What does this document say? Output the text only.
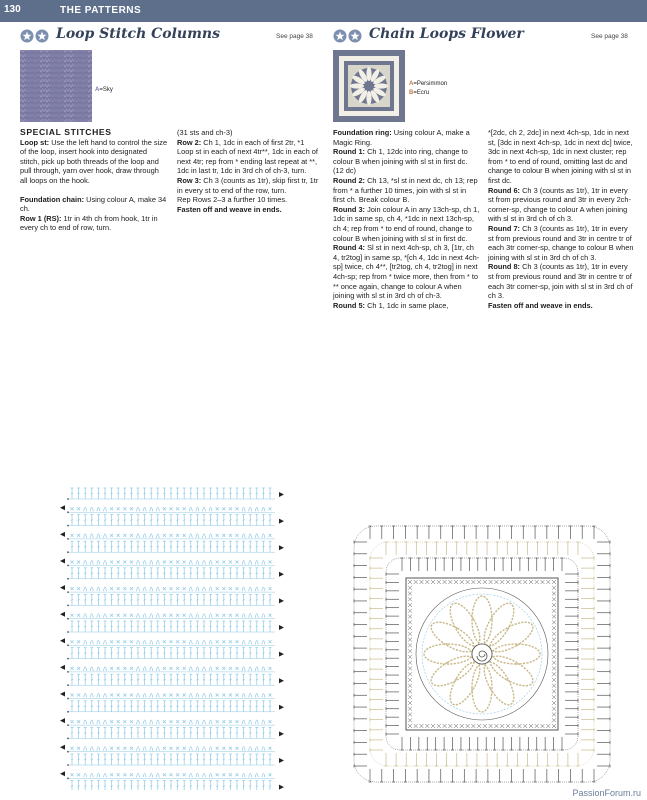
130	THE PATTERNS
Loop Stitch Columns	See page 38	Chain Loops Flower	See page 38
A=Sky
A=Persimmon
B=Ecru

SPECIAL STITCHES

Loop st: Use the left hand to control the size of the loop, insert hook into designated stitch, pick up both threads of the loop and pull through, yarn over hook, draw through all loops on the hook.

Foundation chain: Using colour A, make 34 ch.

Row 1 (RS): 1tr in 4th ch from hook, 1tr in every ch to end of row, turn.

(31 sts and ch-3)

Row 2: Ch 1, 1dc in each of first 2tr, *1 Loop st in each of next 4tr**, 1dc in each of next 4tr; rep from * ending last repeat at **, 1dc in last tr, 1dc in 3rd ch of ch-3, turn.

Row 3: Ch 3 (counts as 1tr), skip first tr, 1tr in every st to end of the row, turn.

Rep Rows 2–3 a further 10 times.

Fasten off and weave in ends.

Foundation ring: Using colour A, make a Magic Ring.

Round 1: Ch 1, 12dc into ring, change to colour B when joining with sl st in first dc. (12 dc)

Round 2: Ch 13, *sl st in next dc, ch 13; rep from * a further 10 times, join with sl st in first ch. Break colour B.

Round 3: Join colour A in any 13ch-sp, ch 1, 1dc in same sp, ch 4, *1dc in next 13ch-sp, ch 4; rep from * to end of round, change to colour B when joining with sl st in first dc.

Round 4: Sl st in next 4ch-sp, ch 3, [1tr, ch 4, tr2tog] in same sp, *[ch 4, 1dc in next 4ch-sp] twice, ch 4**, [tr2tog, ch 4, tr2tog] in next 4ch-sp; rep from * twice more, then from * to ** once again, change to colour A when joining with sl st in 3rd ch of ch-3.

Round 5: Ch 1, 1dc in same place,

*[2dc, ch 2, 2dc] in next 4ch-sp, 1dc in next st, [3dc in next 4ch-sp, 1dc in next dc] twice, 3dc in next 4ch-sp, 1dc in next cluster; rep from * to end of round, omitting last dc and change to colour B when joining with sl st in first dc.

Round 6: Ch 3 (counts as 1tr), 1tr in every st from previous round and 3tr in every 2ch-corner-sp, change to colour A when joining with sl st in 3rd ch of ch 3.

Round 7: Ch 3 (counts as 1tr), 1tr in every st from previous round and 3tr in centre tr of each 3tr corner-sp, change to colour B when joining with sl st in 3rd ch of ch 3.

Round 8: Ch 3 (counts as 1tr), 1tr in every st from previous round and 3tr in centre tr of each 3tr corner-sp, join with sl st in 3rd ch of ch 3.

Fasten off and weave in ends.

PassionForum.ru
